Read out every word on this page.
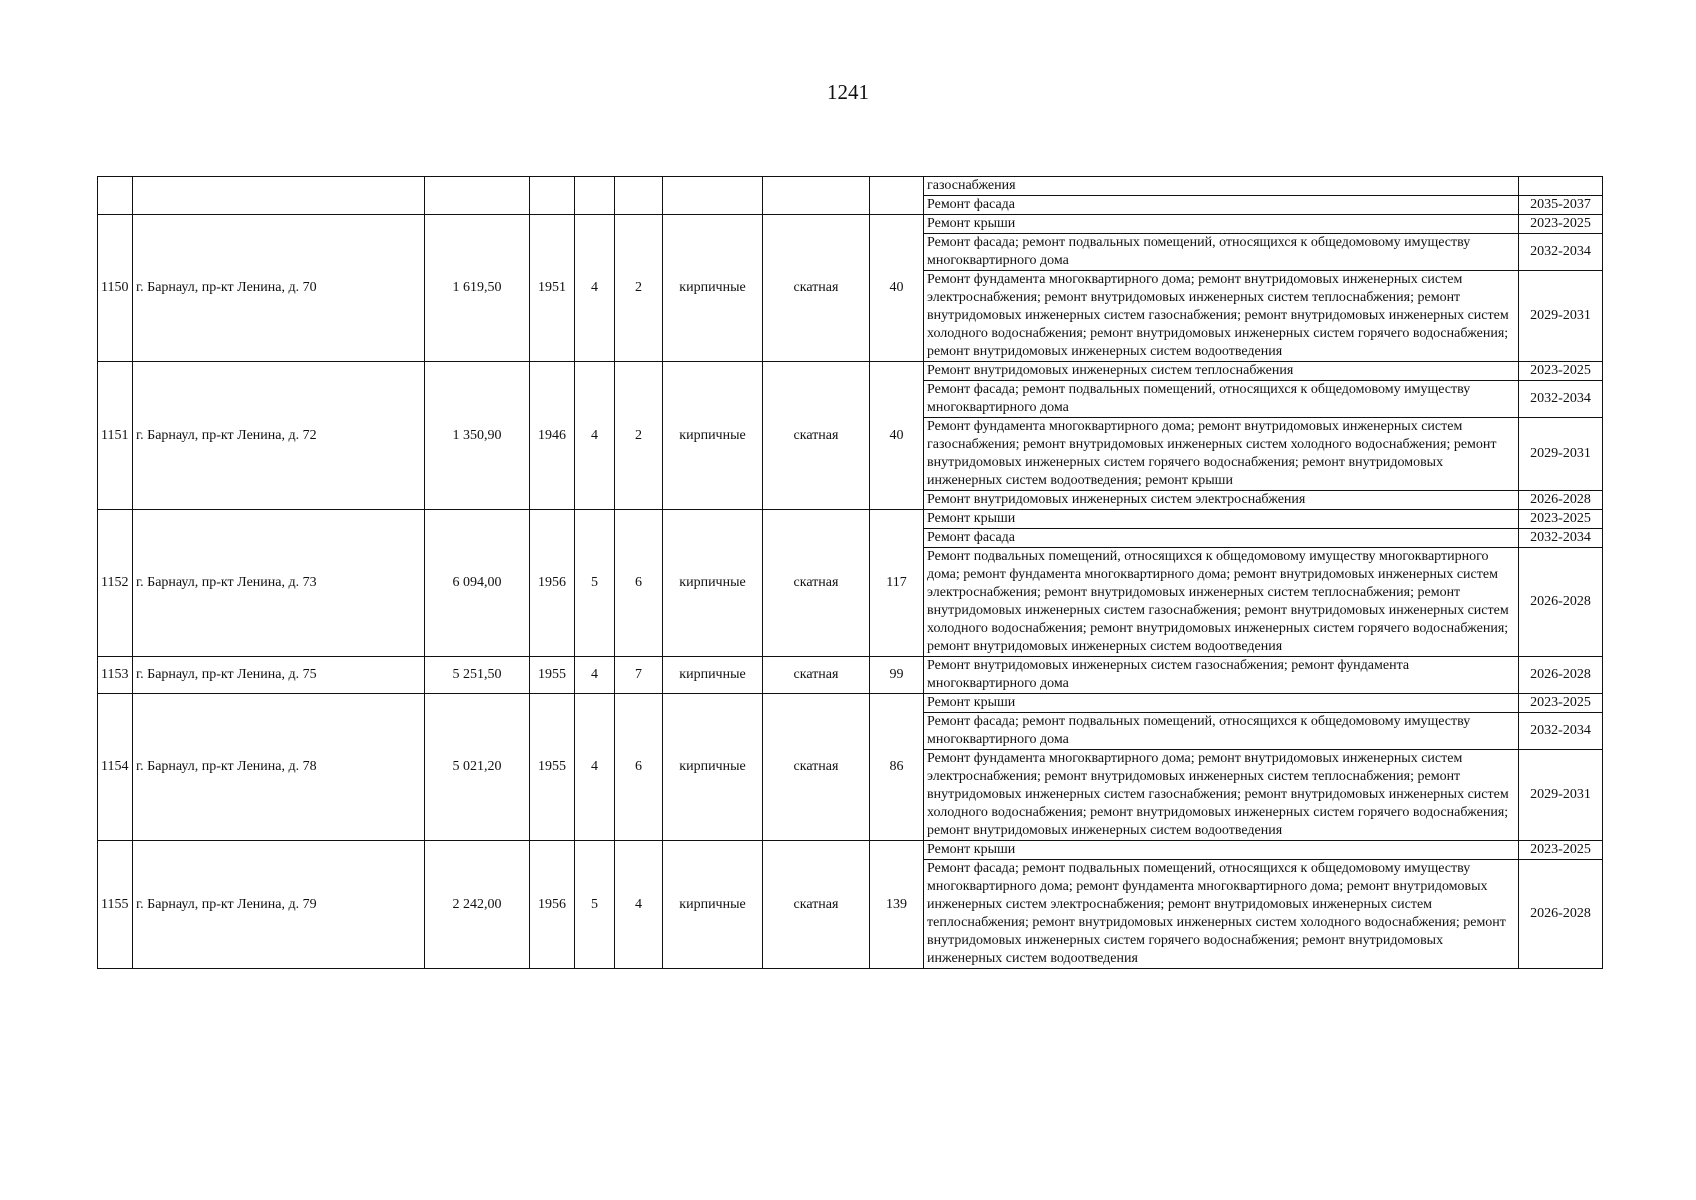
1241
									газоснабжения	
									Ремонт фасада	2035-2037
1150	г. Барнаул, пр-кт Ленина, д. 70	1 619,50	1951	4	2	кирпичные	скатная	40	Ремонт крыши	2023-2025
									Ремонт фасада; ремонт подвальных помещений, относящихся к общедомовому имуществу многоквартирного дома	2032-2034
									Ремонт фундамента многоквартирного дома; ремонт внутридомовых инженерных систем электроснабжения; ремонт внутридомовых инженерных систем теплоснабжения; ремонт внутридомовых инженерных систем газоснабжения; ремонт внутридомовых инженерных систем холодного водоснабжения; ремонт внутридомовых инженерных систем горячего водоснабжения; ремонт внутридомовых инженерных систем водоотведения	2029-2031
1151	г. Барнаул, пр-кт Ленина, д. 72	1 350,90	1946	4	2	кирпичные	скатная	40	Ремонт внутридомовых инженерных систем теплоснабжения	2023-2025
									Ремонт фасада; ремонт подвальных помещений, относящихся к общедомовому имуществу многоквартирного дома	2032-2034
									Ремонт фундамента многоквартирного дома; ремонт внутридомовых инженерных систем газоснабжения; ремонт внутридомовых инженерных систем холодного водоснабжения; ремонт внутридомовых инженерных систем горячего водоснабжения; ремонт внутридомовых инженерных систем водоотведения; ремонт крыши	2029-2031
									Ремонт внутридомовых инженерных систем электроснабжения	2026-2028
1152	г. Барнаул, пр-кт Ленина, д. 73	6 094,00	1956	5	6	кирпичные	скатная	117	Ремонт крыши	2023-2025
									Ремонт фасада	2032-2034
									Ремонт подвальных помещений, относящихся к общедомовому имуществу многоквартирного дома; ремонт фундамента многоквартирного дома; ремонт внутридомовых инженерных систем электроснабжения; ремонт внутридомовых инженерных систем теплоснабжения; ремонт внутридомовых инженерных систем газоснабжения; ремонт внутридомовых инженерных систем холодного водоснабжения; ремонт внутридомовых инженерных систем горячего водоснабжения; ремонт внутридомовых инженерных систем водоотведения	2026-2028
1153	г. Барнаул, пр-кт Ленина, д. 75	5 251,50	1955	4	7	кирпичные	скатная	99	Ремонт внутридомовых инженерных систем газоснабжения; ремонт фундамента многоквартирного дома	2026-2028
1154	г. Барнаул, пр-кт Ленина, д. 78	5 021,20	1955	4	6	кирпичные	скатная	86	Ремонт крыши	2023-2025
									Ремонт фасада; ремонт подвальных помещений, относящихся к общедомовому имуществу многоквартирного дома	2032-2034
									Ремонт фундамента многоквартирного дома; ремонт внутридомовых инженерных систем электроснабжения; ремонт внутридомовых инженерных систем теплоснабжения; ремонт внутридомовых инженерных систем газоснабжения; ремонт внутридомовых инженерных систем холодного водоснабжения; ремонт внутридомовых инженерных систем горячего водоснабжения; ремонт внутридомовых инженерных систем водоотведения	2029-2031
1155	г. Барнаул, пр-кт Ленина, д. 79	2 242,00	1956	5	4	кирпичные	скатная	139	Ремонт крыши	2023-2025
									Ремонт фасада; ремонт подвальных помещений, относящихся к общедомовому имуществу многоквартирного дома; ремонт фундамента многоквартирного дома; ремонт внутридомовых инженерных систем электроснабжения; ремонт внутридомовых инженерных систем теплоснабжения; ремонт внутридомовых инженерных систем холодного водоснабжения; ремонт внутридомовых инженерных систем горячего водоснабжения; ремонт внутридомовых инженерных систем водоотведения	2026-2028
